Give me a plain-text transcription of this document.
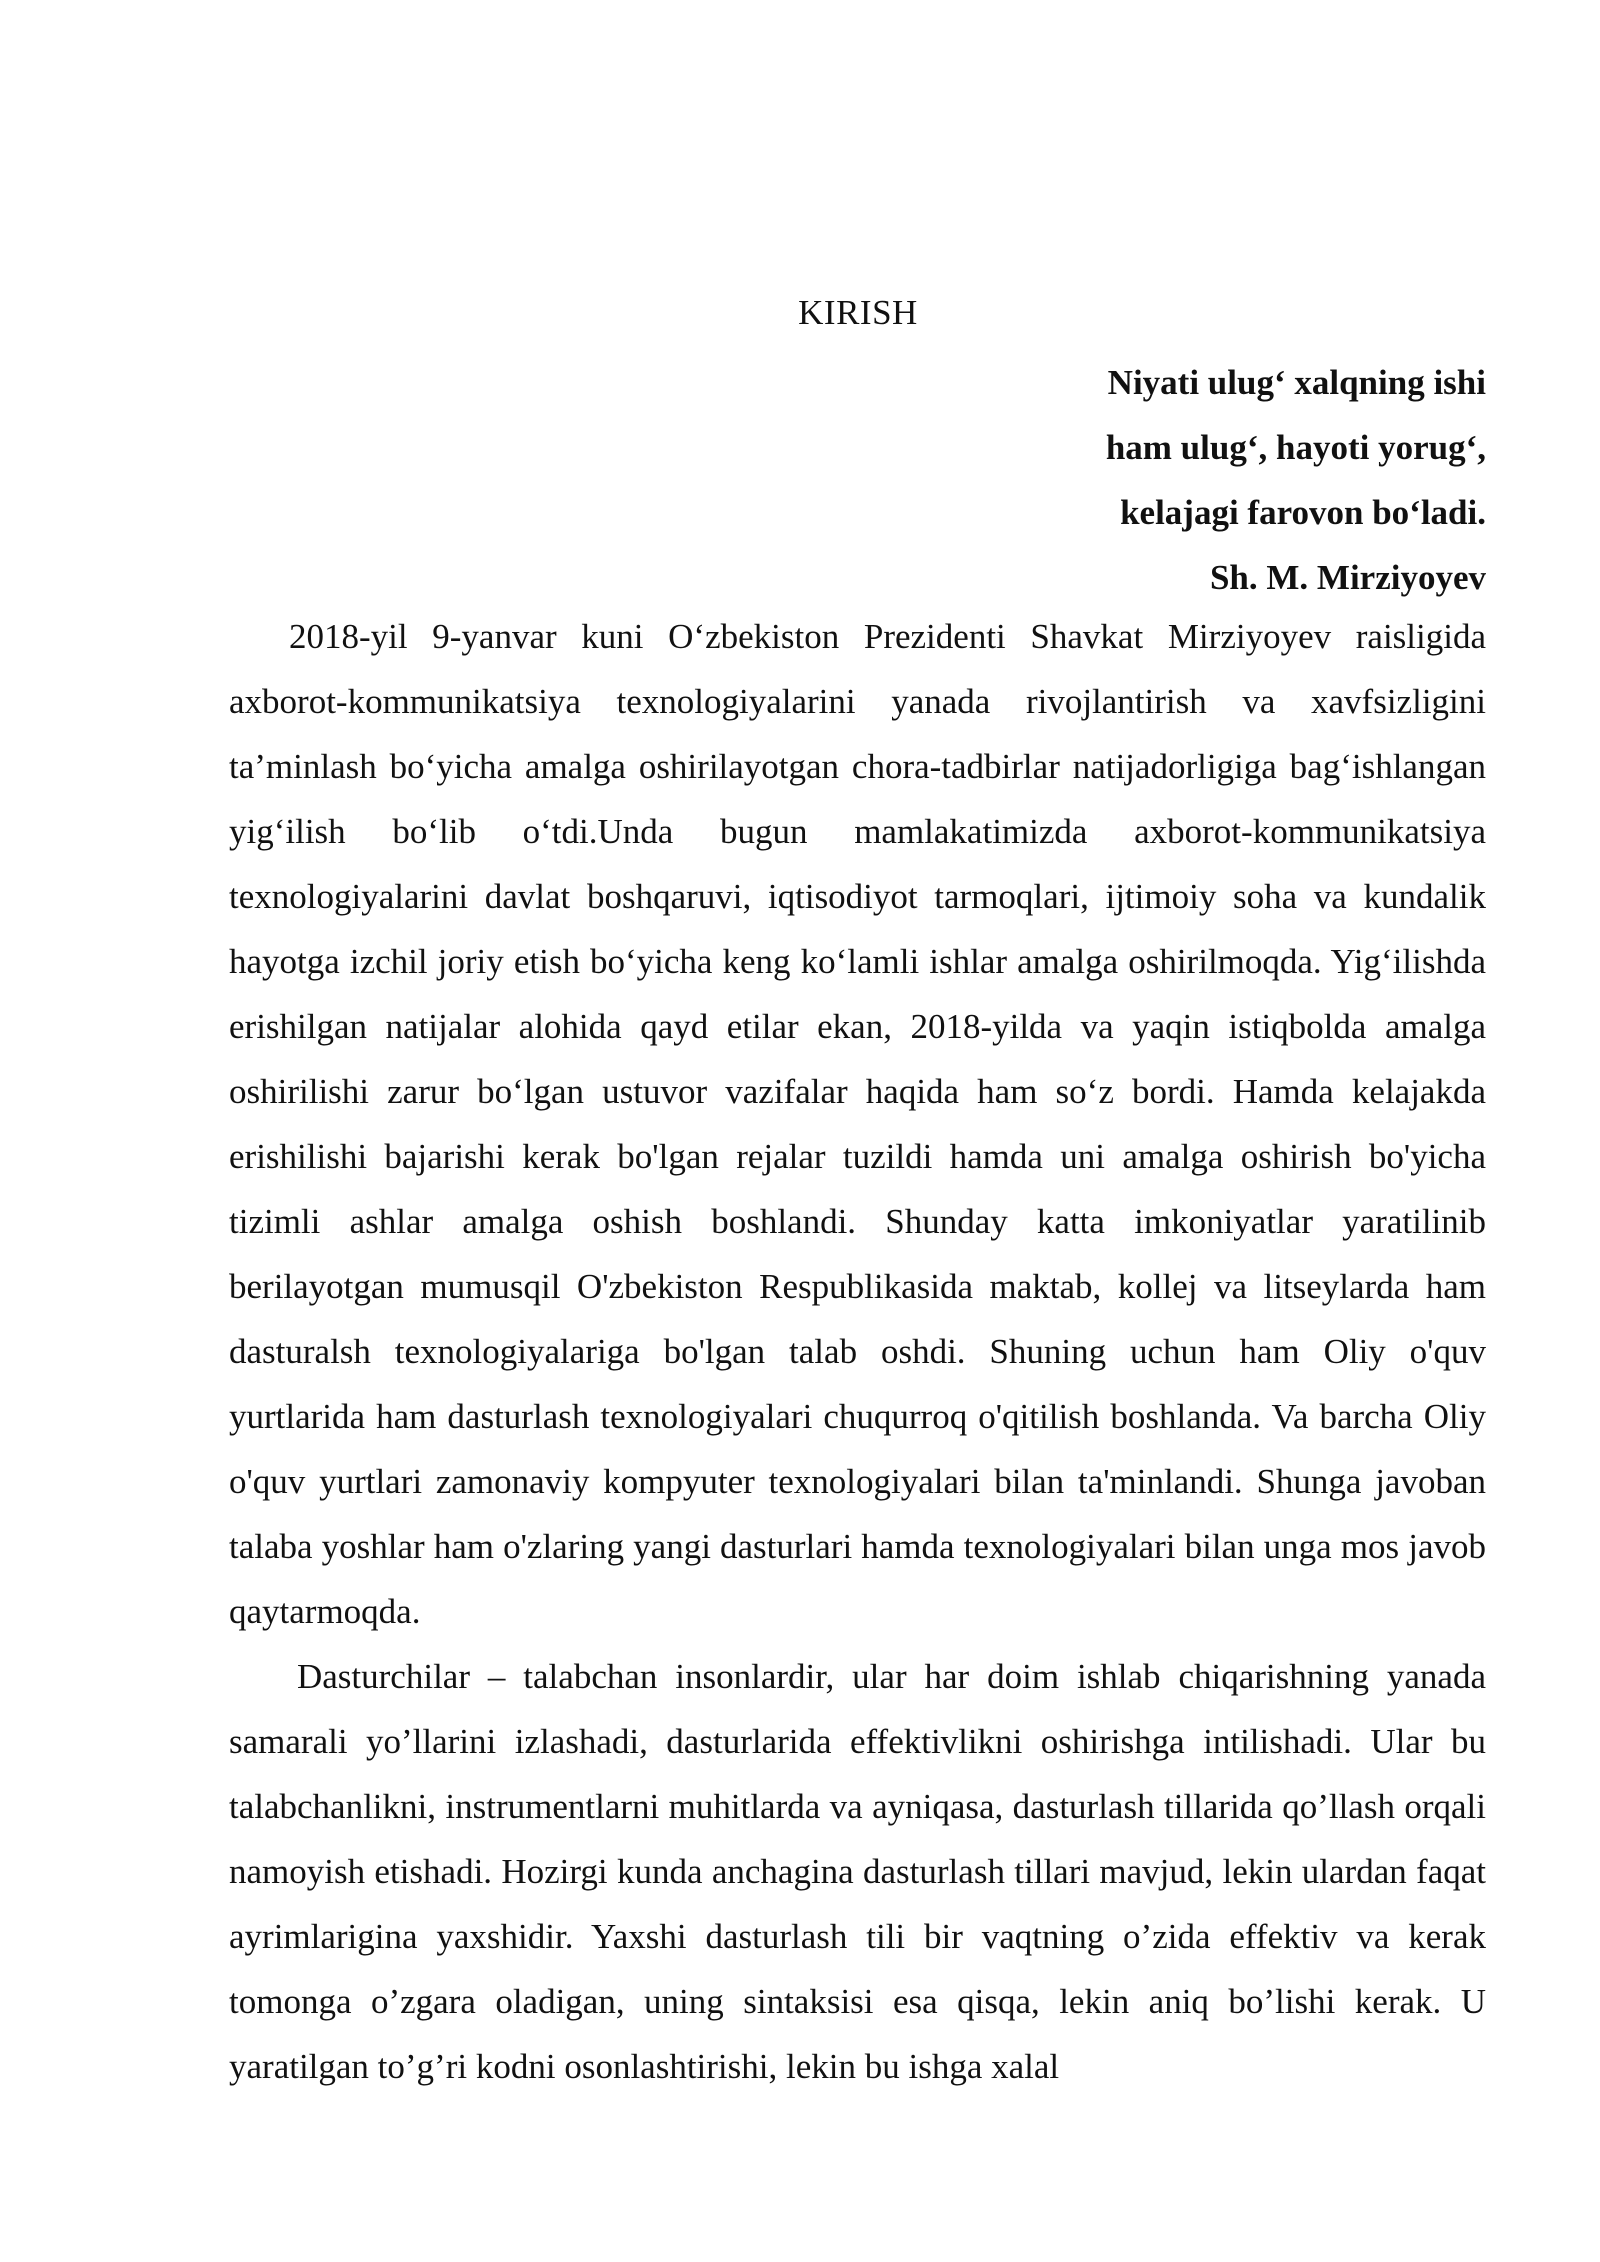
KIRISH
Niyati ulug‘ xalqning ishi
ham ulug‘, hayoti yorug‘,
kelajagi farovon bo‘ladi.
Sh. M. Mirziyoyev

2018-yil 9-yanvar kuni O‘zbekiston Prezidenti Shavkat Mirziyoyev raisligida axborot-kommunikatsiya texnologiyalarini yanada rivojlantirish va xavfsizligini ta’minlash bo‘yicha amalga oshirilayotgan chora-tadbirlar natijadorligiga bag‘ishlangan yig‘ilish bo‘lib o‘tdi.Unda bugun mamlakatimizda axborot-kommunikatsiya texnologiyalarini davlat boshqaruvi, iqtisodiyot tarmoqlari, ijtimoiy soha va kundalik hayotga izchil joriy etish bo‘yicha keng ko‘lamli ishlar amalga oshirilmoqda. Yig‘ilishda erishilgan natijalar alohida qayd etilar ekan, 2018-yilda va yaqin istiqbolda amalga oshirilishi zarur bo‘lgan ustuvor vazifalar haqida ham so‘z bordi. Hamda kelajakda erishilishi bajarishi kerak bo'lgan rejalar tuzildi hamda uni amalga oshirish bo'yicha tizimli ashlar amalga oshish boshlandi. Shunday katta imkoniyatlar yaratilinib berilayotgan mumusqil O'zbekiston Respublikasida maktab, kollej va litseylarda ham dasturalsh texnologiyalariga bo'lgan talab oshdi. Shuning uchun ham Oliy o'quv yurtlarida ham dasturlash texnologiyalari chuqurroq o'qitilish boshlanda. Va barcha Oliy o'quv yurtlari zamonaviy kompyuter texnologiyalari bilan ta'minlandi. Shunga javoban talaba yoshlar ham o'zlaring yangi dasturlari hamda texnologiyalari bilan unga mos javob qaytarmoqda.

Dasturchilar – talabchan insonlardir, ular har doim ishlab chiqarishning yanada samarali yo’llarini izlashadi, dasturlarida effektivlikni oshirishga intilishadi. Ular bu talabchanlikni, instrumentlarni muhitlarda va ayniqasa, dasturlash tillarida qo’llash orqali namoyish etishadi. Hozirgi kunda anchagina dasturlash tillari mavjud, lekin ulardan faqat ayrimlarigina yaxshidir. Yaxshi dasturlash tili bir vaqtning o’zida effektiv va kerak tomonga o’zgara oladigan, uning sintaksisi esa qisqa, lekin aniq bo’lishi kerak. U yaratilgan to’g’ri kodni osonlashtirishi, lekin bu ishga xalal
